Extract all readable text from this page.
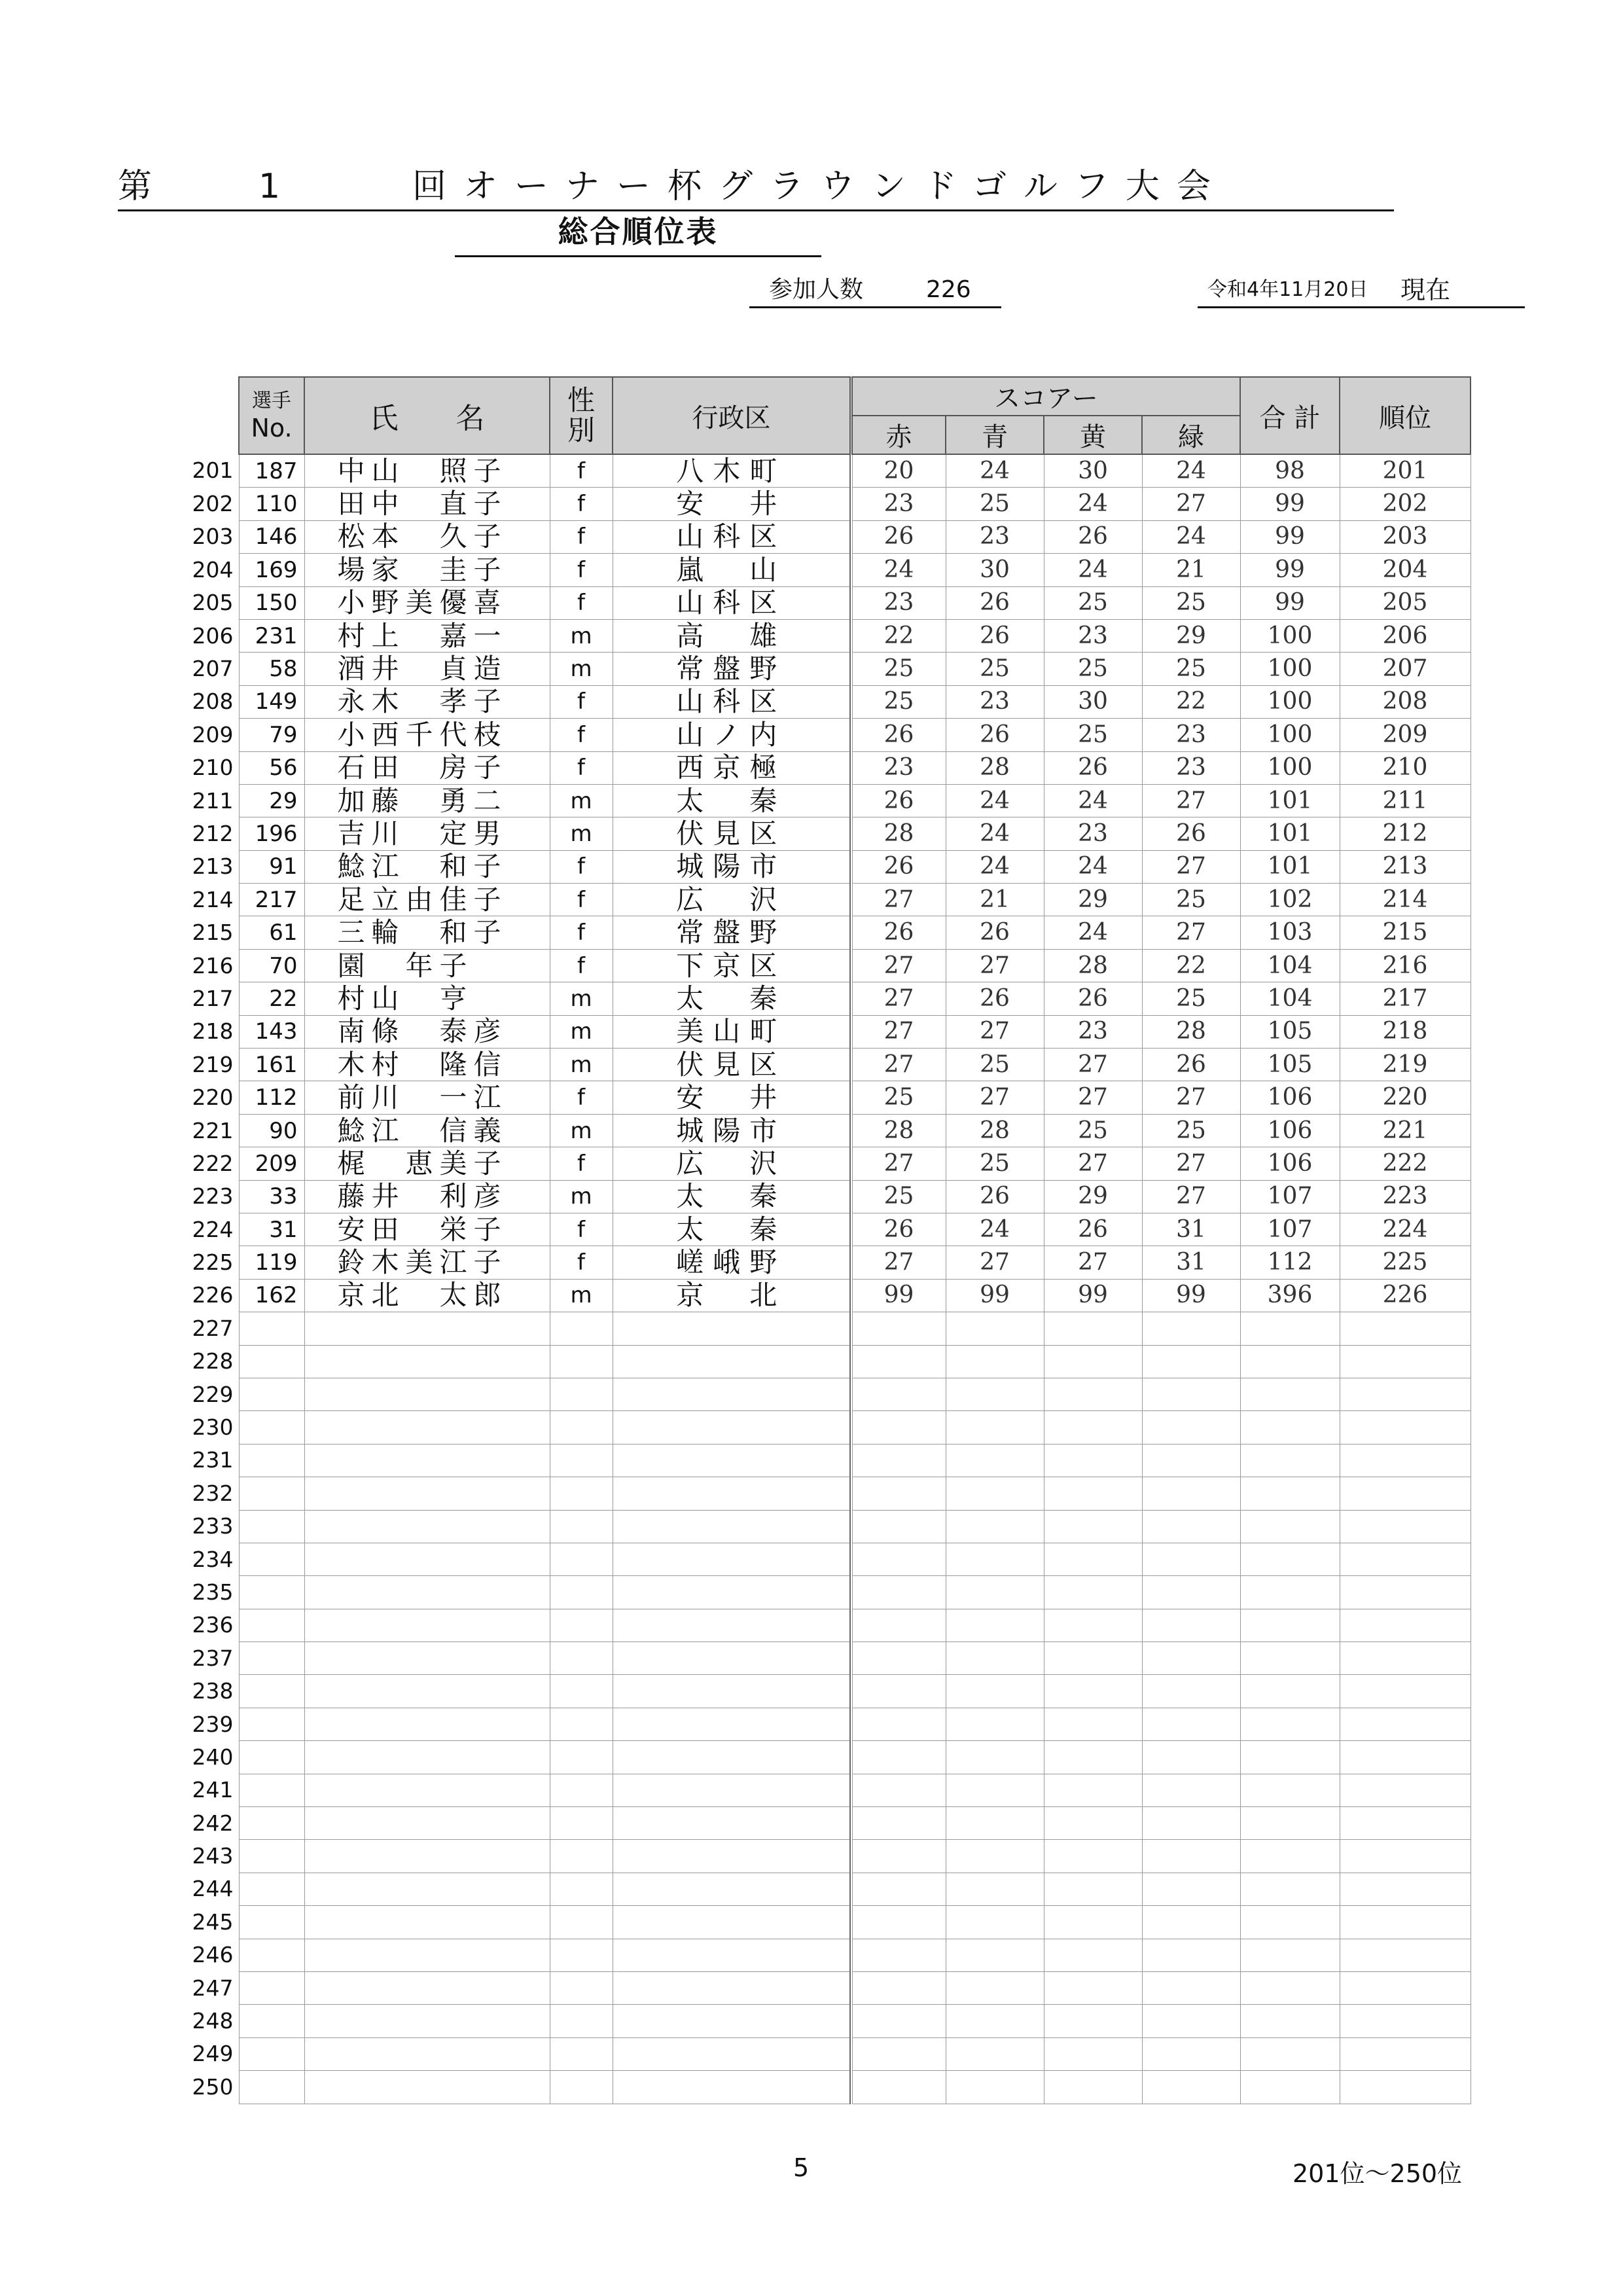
第	1	回オーナー杯グラウンドゴルフ大会
総合順位表
参加人数	226	令和4年11月20日 現在

	選手
No.	氏　　名	性
別	行政区		スコアー				合 計	順位
						赤	青	黄	緑		
201	187	中山　照子	f	八木町		20	24	30	24	98	201
202	110	田中　直子	f	安　井		23	25	24	27	99	202
203	146	松本　久子	f	山科区		26	23	26	24	99	203
204	169	場家　圭子	f	嵐　山		24	30	24	21	99	204
205	150	小野美優喜	f	山科区		23	26	25	25	99	205
206	231	村上　嘉一	m	高　雄		22	26	23	29	100	206
207	58	酒井　貞造	m	常盤野		25	25	25	25	100	207
208	149	永木　孝子	f	山科区		25	23	30	22	100	208
209	79	小西千代枝	f	山ノ内		26	26	25	23	100	209
210	56	石田　房子	f	西京極		23	28	26	23	100	210
211	29	加藤　勇二	m	太　秦		26	24	24	27	101	211
212	196	吉川　定男	m	伏見区		28	24	23	26	101	212
213	91	鯰江　和子	f	城陽市		26	24	24	27	101	213
214	217	足立由佳子	f	広　沢		27	21	29	25	102	214
215	61	三輪　和子	f	常盤野		26	26	24	27	103	215
216	70	園　年子	f	下京区		27	27	28	22	104	216
217	22	村山　亨	m	太　秦		27	26	26	25	104	217
218	143	南條　泰彦	m	美山町		27	27	23	28	105	218
219	161	木村　隆信	m	伏見区		27	25	27	26	105	219
220	112	前川　一江	f	安　井		25	27	27	27	106	220
221	90	鯰江　信義	m	城陽市		28	28	25	25	106	221
222	209	梶　恵美子	f	広　沢		27	25	27	27	106	222
223	33	藤井　利彦	m	太　秦		25	26	29	27	107	223
224	31	安田　栄子	f	太　秦		26	24	26	31	107	224
225	119	鈴木美江子	f	嵯峨野		27	27	27	31	112	225
226	162	京北　太郎	m	京　北		99	99	99	99	396	226
227											
228											
229											
230											
231											
232											
233											
234											
235											
236											
237											
238											
239											
240											
241											
242											
243											
244											
245											
246											
247											
248											
249											
250											
5	201位～250位
